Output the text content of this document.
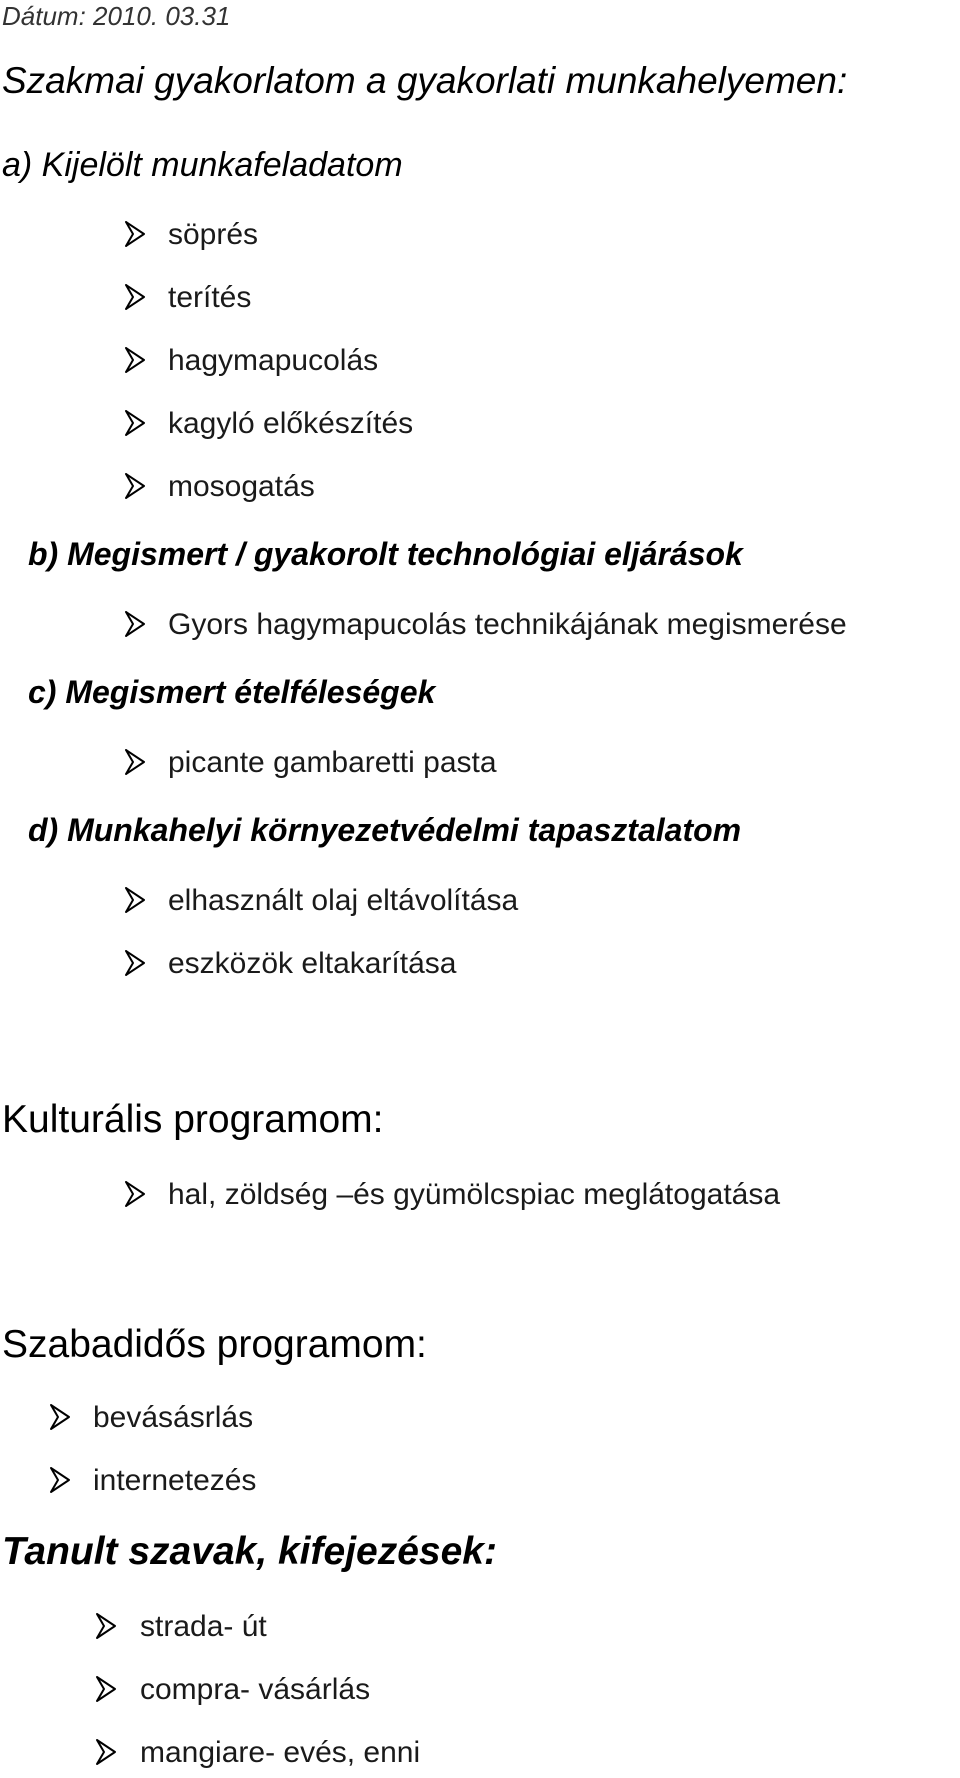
Dátum: 2010. 03.31
Szakmai gyakorlatom a gyakorlati munkahelyemen:
a) Kijelölt munkafeladatom
söprés
terítés
hagymapucolás
kagyló előkészítés
mosogatás
b) Megismert / gyakorolt technológiai eljárások
Gyors hagymapucolás technikájának megismerése
c) Megismert ételféleségek
picante gambaretti pasta
d) Munkahelyi környezetvédelmi tapasztalatom
elhasznált olaj eltávolítása
eszközök eltakarítása
Kulturális programom:
hal, zöldség –és gyümölcspiac meglátogatása
Szabadidős programom:
bevásásrlás
internetezés
Tanult szavak, kifejezések:
strada- út
compra- vásárlás
mangiare- evés, enni
